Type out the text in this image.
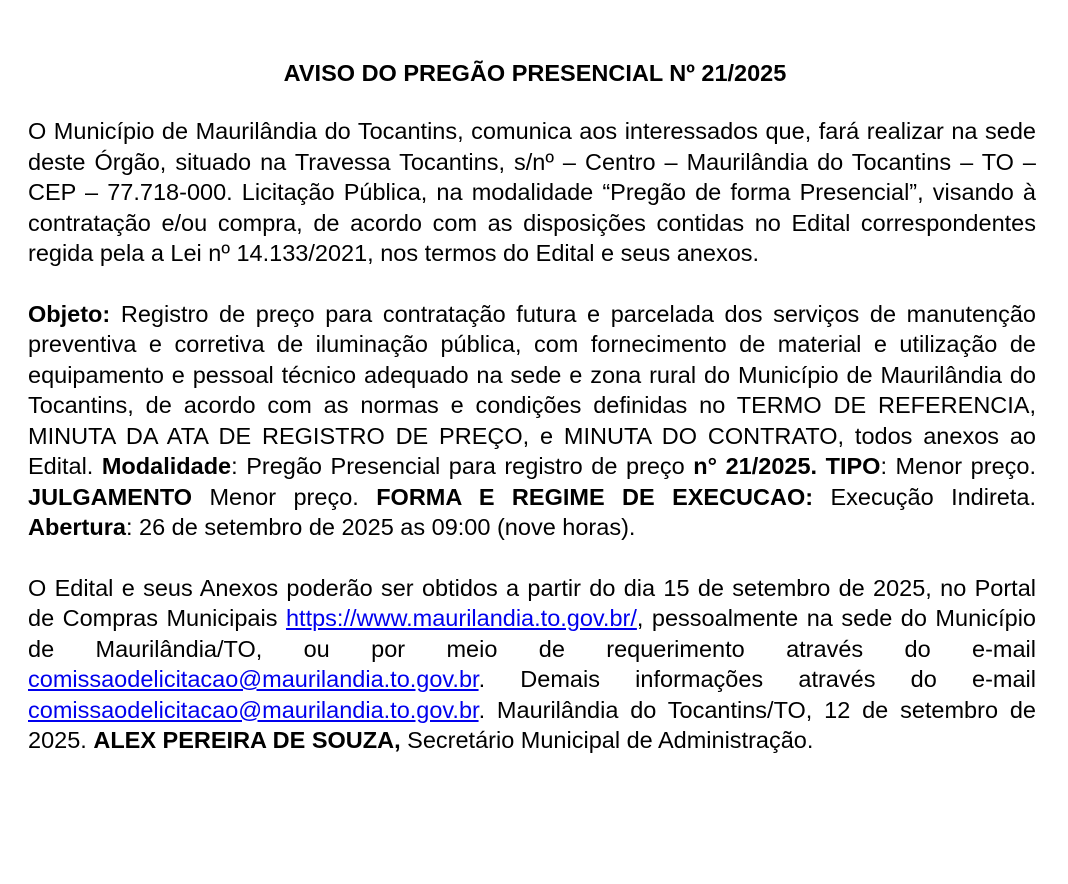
AVISO DO PREGÃO PRESENCIAL Nº 21/2025

O Município de Maurilândia do Tocantins, comunica aos interessados que, fará realizar na sede deste Órgão, situado na Travessa Tocantins, s/nº – Centro – Maurilândia do Tocantins – TO – CEP – 77.718-000. Licitação Pública, na modalidade “Pregão de forma Presencial”, visando à contratação e/ou compra, de acordo com as disposições contidas no Edital correspondentes regida pela a Lei nº 14.133/2021, nos termos do Edital e seus anexos.

Objeto: Registro de preço para contratação futura e parcelada dos serviços de manutenção preventiva e corretiva de iluminação pública, com fornecimento de material e utilização de equipamento e pessoal técnico adequado na sede e zona rural do Município de Maurilândia do Tocantins, de acordo com as normas e condições definidas no TERMO DE REFERENCIA, MINUTA DA ATA DE REGISTRO DE PREÇO, e MINUTA DO CONTRATO, todos anexos ao Edital. Modalidade: Pregão Presencial para registro de preço n° 21/2025. TIPO: Menor preço. JULGAMENTO Menor preço. FORMA E REGIME DE EXECUCAO: Execução Indireta. Abertura: 26 de setembro de 2025 as 09:00 (nove horas).

O Edital e seus Anexos poderão ser obtidos a partir do dia 15 de setembro de 2025, no Portal de Compras Municipais https://www.maurilandia.to.gov.br/, pessoalmente na sede do Município de Maurilândia/TO, ou por meio de requerimento através do e-mail comissaodelicitacao@maurilandia.to.gov.br. Demais informações através do e-mail comissaodelicitacao@maurilandia.to.gov.br. Maurilândia do Tocantins/TO, 12 de setembro de 2025. ALEX PEREIRA DE SOUZA, Secretário Municipal de Administração.
